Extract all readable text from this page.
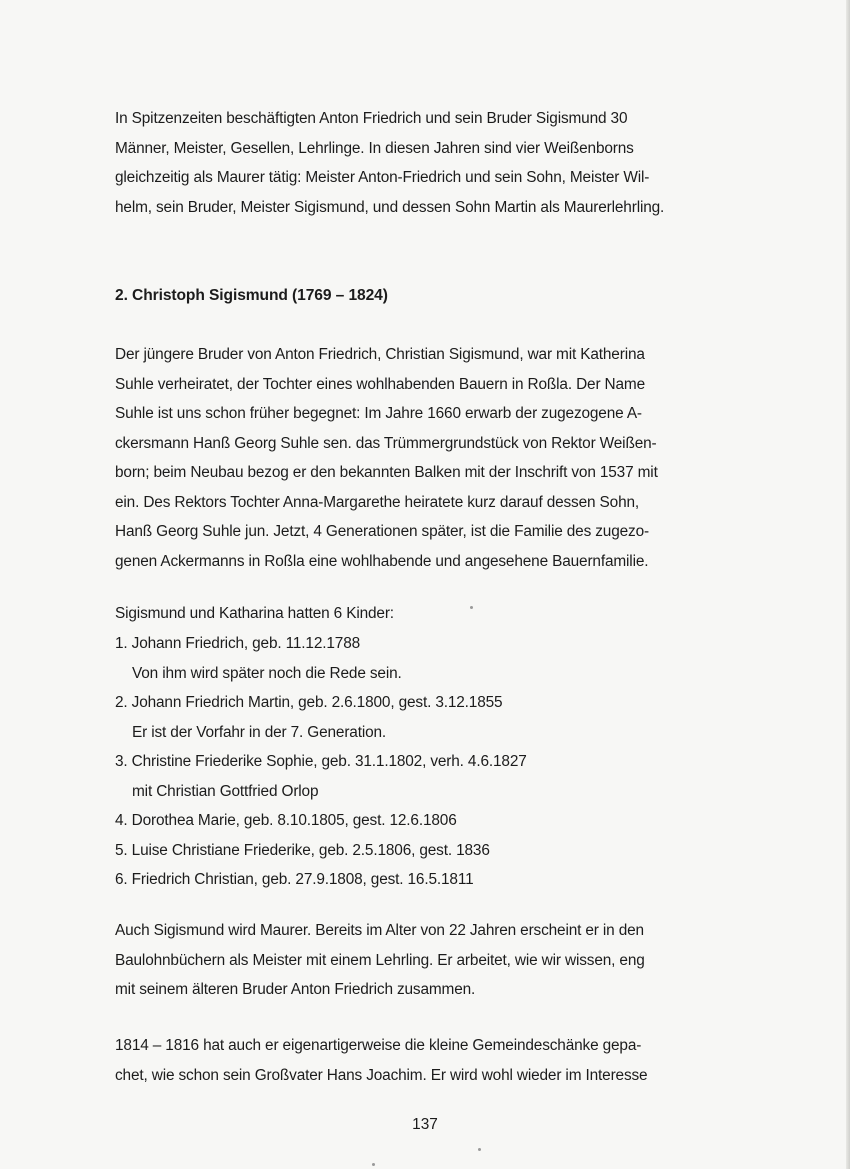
In Spitzenzeiten beschäftigten Anton Friedrich und sein Bruder Sigismund 30

Männer, Meister, Gesellen, Lehrlinge. In diesen Jahren sind vier Weißenborns

gleichzeitig als Maurer tätig: Meister Anton-Friedrich und sein Sohn, Meister Wil-

helm, sein Bruder, Meister Sigismund, und dessen Sohn Martin als Maurerlehrling.

2. Christoph Sigismund (1769 – 1824)

Der jüngere Bruder von Anton Friedrich, Christian Sigismund, war mit Katherina

Suhle verheiratet, der Tochter eines wohlhabenden Bauern in Roßla. Der Name

Suhle ist uns schon früher begegnet: Im Jahre 1660 erwarb der zugezogene A-

ckersmann Hanß Georg Suhle sen. das Trümmergrundstück von Rektor Weißen-

born; beim Neubau bezog er den bekannten Balken mit der Inschrift von 1537 mit

ein. Des Rektors Tochter Anna-Margarethe heiratete kurz darauf dessen Sohn,

Hanß Georg Suhle jun. Jetzt, 4 Generationen später, ist die Familie des zugezo-

genen Ackermanns in Roßla eine wohlhabende und angesehene Bauernfamilie.

Sigismund und Katharina hatten 6 Kinder:

1. Johann Friedrich, geb. 11.12.1788
Von ihm wird später noch die Rede sein.
2. Johann Friedrich Martin, geb. 2.6.1800, gest. 3.12.1855
Er ist der Vorfahr in der 7. Generation.
3. Christine Friederike Sophie, geb. 31.1.1802, verh. 4.6.1827
mit Christian Gottfried Orlop
4. Dorothea Marie, geb. 8.10.1805, gest. 12.6.1806
5. Luise Christiane Friederike, geb. 2.5.1806, gest. 1836
6. Friedrich Christian, geb. 27.9.1808, gest. 16.5.1811

Auch Sigismund wird Maurer. Bereits im Alter von 22 Jahren erscheint er in den

Baulohnbüchern als Meister mit einem Lehrling. Er arbeitet, wie wir wissen, eng

mit seinem älteren Bruder Anton Friedrich zusammen.

1814 – 1816 hat auch er eigenartigerweise die kleine Gemeindeschänke gepa-

chet, wie schon sein Großvater Hans Joachim. Er wird wohl wieder im Interesse

137
